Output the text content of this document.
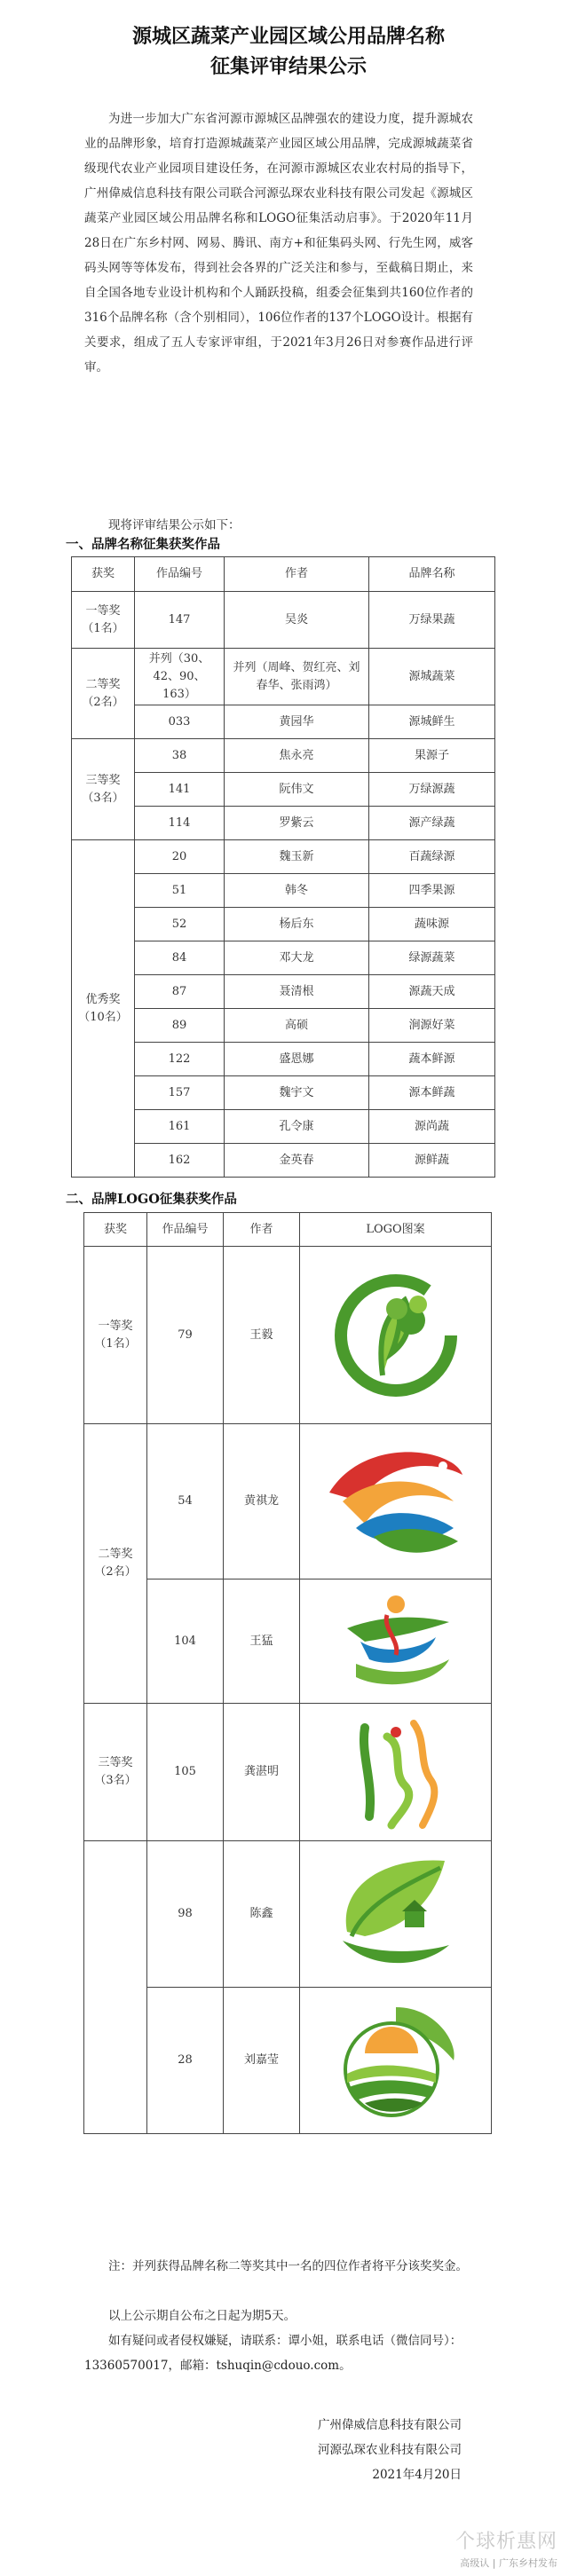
源城区蔬菜产业园区域公用品牌名称
征集评审结果公示
为进一步加大广东省河源市源城区品牌强农的建设力度，提升源城农业的品牌形象，培育打造源城蔬菜产业园区域公用品牌，完成源城蔬菜省级现代农业产业园项目建设任务，在河源市源城区农业农村局的指导下，广州偉威信息科技有限公司联合河源弘琛农业科技有限公司发起《源城区蔬菜产业园区域公用品牌名称和LOGO征集活动启事》。于2020年11月28日在广东乡村网、网易、腾讯、南方+和征集码头网、行先生网，威客码头网等等体发布，得到社会各界的广泛关注和参与，至截稿日期止，来自全国各地专业设计机构和个人踊跃投稿，组委会征集到共160位作者的316个品牌名称（含个别相同），106位作者的137个LOGO设计。根据有关要求，组成了五人专家评审组，于2021年3月26日对参赛作品进行评审。
现将评审结果公示如下：
一、品牌名称征集获奖作品
获奖	作品编号	作者	品牌名称

一等奖
（1名）	147	吴炎	万绿果蔬

二等奖
（2名）	并列（30、42、90、163）	并列（周峰、贺红亮、刘春华、张雨鸿）	源城蔬菜
	033	黄园华	源城鲜生

三等奖
（3名）	38	焦永亮	果源子
	141	阮伟文	万绿源蔬
	114	罗紫云	源产绿蔬

优秀奖
（10名）	20	魏玉新	百蔬绿源
	51	韩冬	四季果源
	52	杨后东	蔬味源
	84	邓大龙	绿源蔬菜
	87	聂清根	源蔬天成
	89	高硕	涧源好菜
	122	盛恩娜	蔬本鲜源
	157	魏宇文	源本鲜蔬
	161	孔令康	源尚蔬
	162	金英春	源鲜蔬
二、品牌LOGO征集获奖作品
获奖	作品编号	作者	LOGO图案

一等奖
（1名）	79	王毅	

二等奖
（2名）	54	黄祺龙	

	104	王猛	

三等奖
（3名）	105	龚湛明	

	98	陈鑫	

	28	刘嘉莹	
注：并列获得品牌名称二等奖其中一名的四位作者将平分该奖奖金。
以上公示期自公布之日起为期5天。
如有疑问或者侵权嫌疑，请联系：谭小姐，联系电话（微信同号）：13360570017，邮箱：tshuqin@cdouo.com。
广州偉威信息科技有限公司
河源弘琛农业科技有限公司
2021年4月20日
个球析惠网
高级认 | 广东乡村发布
